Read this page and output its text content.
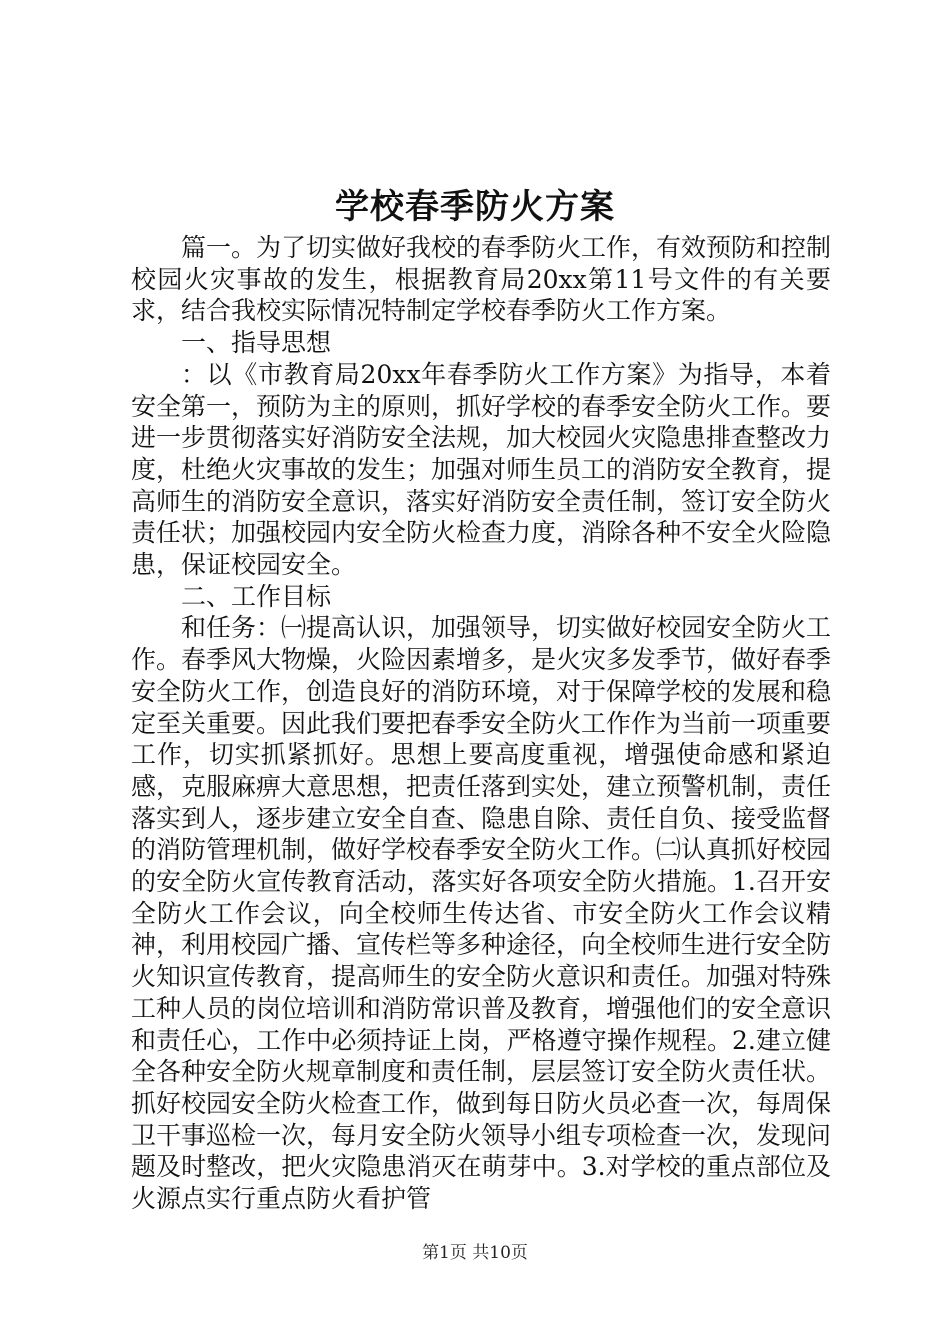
学校春季防火方案

篇一。为了切实做好我校的春季防火工作，有效预防和控制校园火灾事故的发生，根据教育局20xx第11号文件的有关要求，结合我校实际情况特制定学校春季防火工作方案。

一、指导思想

：以《市教育局20xx年春季防火工作方案》为指导，本着安全第一，预防为主的原则，抓好学校的春季安全防火工作。要进一步贯彻落实好消防安全法规，加大校园火灾隐患排查整改力度，杜绝火灾事故的发生；加强对师生员工的消防安全教育，提高师生的消防安全意识，落实好消防安全责任制，签订安全防火责任状；加强校园内安全防火检查力度，消除各种不安全火险隐患，保证校园安全。

二、工作目标

和任务：㈠提高认识，加强领导，切实做好校园安全防火工作。春季风大物燥，火险因素增多，是火灾多发季节，做好春季安全防火工作，创造良好的消防环境，对于保障学校的发展和稳定至关重要。因此我们要把春季安全防火工作作为当前一项重要工作，切实抓紧抓好。思想上要高度重视，增强使命感和紧迫感，克服麻痹大意思想，把责任落到实处，建立预警机制，责任落实到人，逐步建立安全自查、隐患自除、责任自负、接受监督的消防管理机制，做好学校春季安全防火工作。㈡认真抓好校园的安全防火宣传教育活动，落实好各项安全防火措施。1.召开安全防火工作会议，向全校师生传达省、市安全防火工作会议精神，利用校园广播、宣传栏等多种途径，向全校师生进行安全防火知识宣传教育，提高师生的安全防火意识和责任。加强对特殊工种人员的岗位培训和消防常识普及教育，增强他们的安全意识和责任心，工作中必须持证上岗，严格遵守操作规程。2.建立健全各种安全防火规章制度和责任制，层层签订安全防火责任状。抓好校园安全防火检查工作，做到每日防火员必查一次，每周保卫干事巡检一次，每月安全防火领导小组专项检查一次，发现问题及时整改，把火灾隐患消灭在萌芽中。3.对学校的重点部位及火源点实行重点防火看护管

第1页 共10页
